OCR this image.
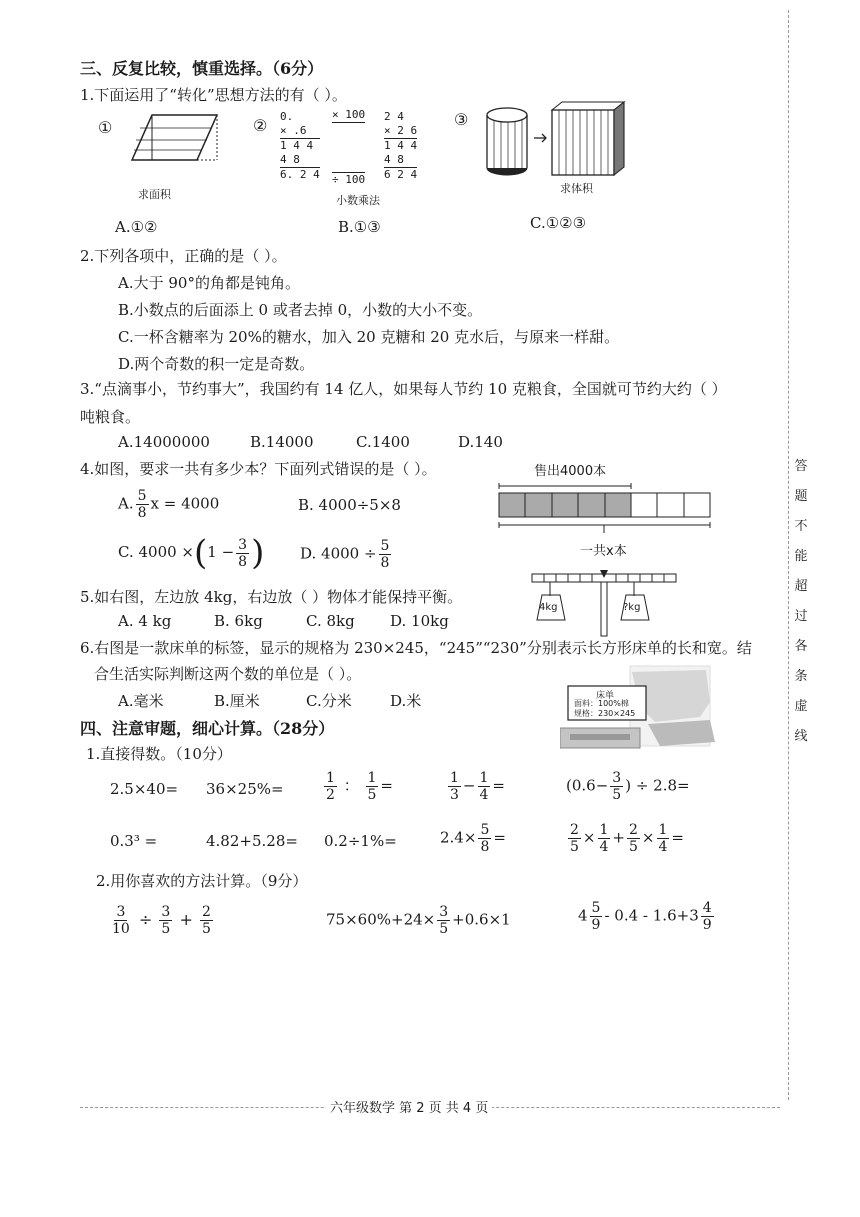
答
题
不
能
超
过
各
条
虚
线
三、反复比较，慎重选择。（6分）
1.下面运用了“转化”思想方法的有（ ）。
①
求面积
② 0.
× .6
1 4 4
4 8
6. 2 4
× 100
÷ 100
2 4
× 2 6
1 4 4
4 8
6 2 4
小数乘法
③
求体积
A.①②	B.①③	C.①②③
2.下列各项中，正确的是（ ）。
A.大于 90°的角都是钝角。
B.小数点的后面添上 0 或者去掉 0，小数的大小不变。
C.一杯含糖率为 20%的糖水，加入 20 克糖和 20 克水后，与原来一样甜。
D.两个奇数的积一定是奇数。
3.“点滴事小，节约事大”，我国约有 14 亿人，如果每人节约 10 克粮食，全国就可节约大约（ ）
吨粮食。
A.14000000	B.14000	C.1400	D.140
4.如图，要求一共有多少本？下面列式错误的是（ ）。
A. $\frac{5}{8}$ x = 4000	B. 4000÷5×8
C. $4000 \times(1 - \frac{3}{8}$ ) D. $4000 \div \frac{5}{8}$
售出4000本
一共x本
5.如右图，左边放 4kg，右边放（ ）物体才能保持平衡。
A. 4 kg	B. 6kg	C. 8kg D. 10kg
4kg	?kg
6.右图是一款床单的标签，显示的规格为 230×245，“245”“230”分别表示长方形床单的长和宽。结
合生活实际判断这两个数的单位是（ ）。
A.毫米	B.厘米	C.分米	D.米	床单
面料：100%棉
规格：230×245
四、注意审题，细心计算。（28分）
1.直接得数。（10分）
2.5×40= 36×25%=	$\frac{1}{2}$ ： $\frac{1}{5}$ =	$\frac{1}{3} - \frac{1}{4}$ =	($0.6- \frac{3}{5}$ ) ÷ 2.8=
0.3³ =	4.82+5.28= 0.2÷1%=	$2.4\times \frac{5}{8}$ =	$\frac{2}{5} \times \frac{1}{4} + \frac{2}{5} \times \frac{1}{4}$ =
2.用你喜欢的方法计算。（9分）
$\frac{3}{10} \div \frac{3}{5} + \frac{2}{5}$	$75\times 60\%+24\times \frac{3}{5} +0.6\times 1$	$4 \frac{5}{9} - 0.4 - 1.6+3 \frac{4}{9}$
六年级数学 第 2 页 共 4 页
